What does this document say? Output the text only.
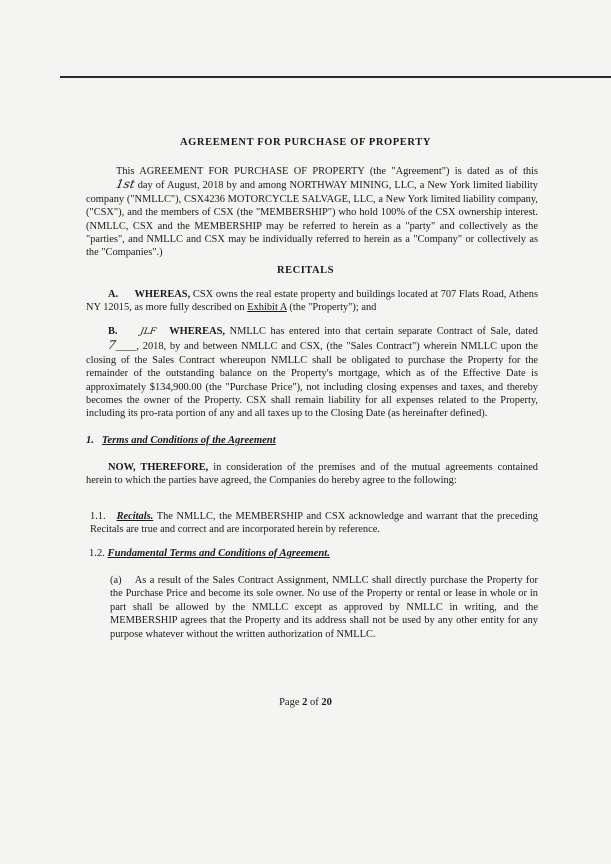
AGREEMENT FOR PURCHASE OF PROPERTY
This AGREEMENT FOR PURCHASE OF PROPERTY (the "Agreement") is dated as of this 1st day of August, 2018 by and among NORTHWAY MINING, LLC, a New York limited liability company ("NMLLC"), CSX4236 MOTORCYCLE SALVAGE, LLC, a New York limited liability company, ("CSX"), and the members of CSX (the "MEMBERSHIP") who hold 100% of the CSX ownership interest. (NMLLC, CSX and the MEMBERSHIP may be referred to herein as a "party" and collectively as the "parties", and NMLLC and CSX may be individually referred to herein as a "Company" or collectively as the "Companies".)
RECITALS
A. WHEREAS, CSX owns the real estate property and buildings located at 707 Flats Road, Athens NY 12015, as more fully described on Exhibit A (the "Property"); and
B. JLF WHEREAS, NMLLC has entered into that certain separate Contract of Sale, dated 7____, 2018, by and between NMLLC and CSX, (the "Sales Contract") wherein NMLLC upon the closing of the Sales Contract whereupon NMLLC shall be obligated to purchase the Property for the remainder of the outstanding balance on the Property's mortgage, which as of the Effective Date is approximately $134,900.00 (the "Purchase Price"), not including closing expenses and taxes, and thereby becomes the owner of the Property. CSX shall remain liability for all expenses related to the Property, including its pro-rata portion of any and all taxes up to the Closing Date (as hereinafter defined).
1. Terms and Conditions of the Agreement
NOW, THEREFORE, in consideration of the premises and of the mutual agreements contained herein to which the parties have agreed, the Companies do hereby agree to the following:
1.1. Recitals. The NMLLC, the MEMBERSHIP and CSX acknowledge and warrant that the preceding Recitals are true and correct and are incorporated herein by reference.
1.2. Fundamental Terms and Conditions of Agreement.
(a) As a result of the Sales Contract Assignment, NMLLC shall directly purchase the Property for the Purchase Price and become its sole owner. No use of the Property or rental or lease in whole or in part shall be allowed by the NMLLC except as approved by NMLLC in writing, and the MEMBERSHIP agrees that the Property and its address shall not be used by any other entity for any purpose whatever without the written authorization of NMLLC.
Page 2 of 20
